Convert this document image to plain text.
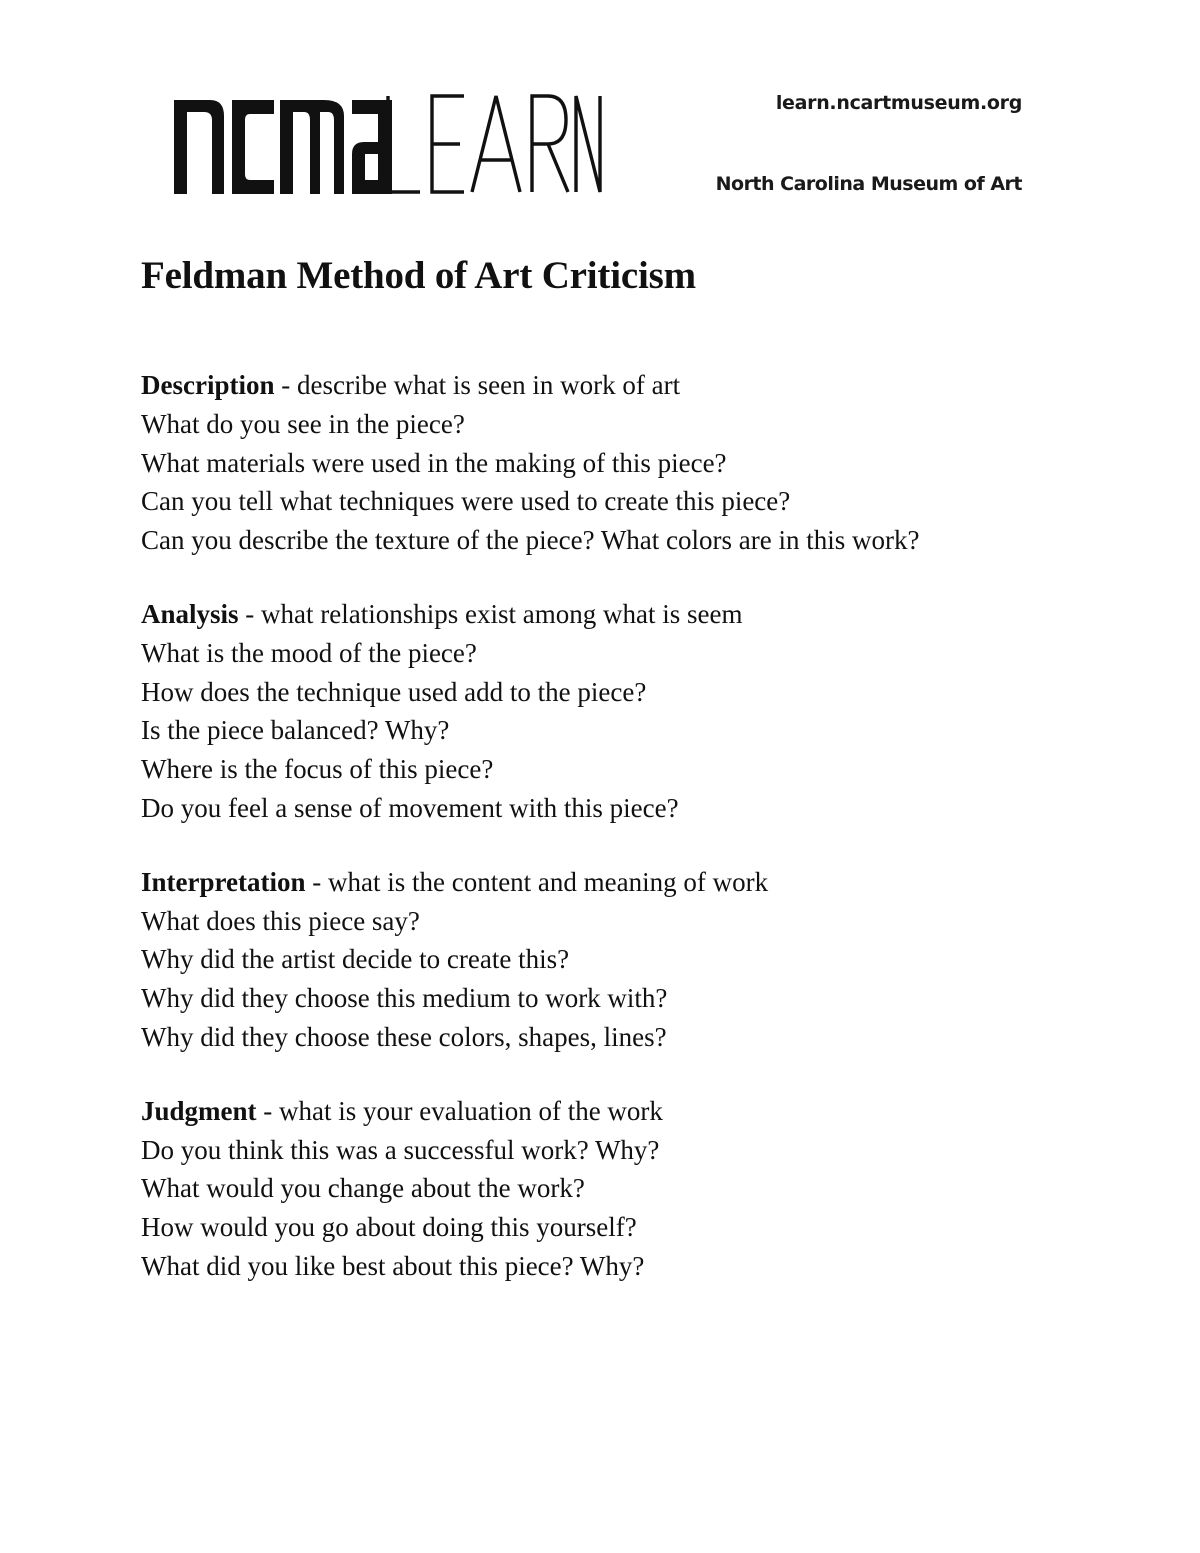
learn.ncartmuseum.org
North Carolina Museum of Art
Feldman Method of Art Criticism
Description - describe what is seen in work of art
What do you see in the piece?
What materials were used in the making of this piece?
Can you tell what techniques were used to create this piece?
Can you describe the texture of the piece? What colors are in this work?
Analysis - what relationships exist among what is seem
What is the mood of the piece?
How does the technique used add to the piece?
Is the piece balanced? Why?
Where is the focus of this piece?
Do you feel a sense of movement with this piece?
Interpretation - what is the content and meaning of work
What does this piece say?
Why did the artist decide to create this?
Why did they choose this medium to work with?
Why did they choose these colors, shapes, lines?
Judgment - what is your evaluation of the work
Do you think this was a successful work? Why?
What would you change about the work?
How would you go about doing this yourself?
What did you like best about this piece? Why?
